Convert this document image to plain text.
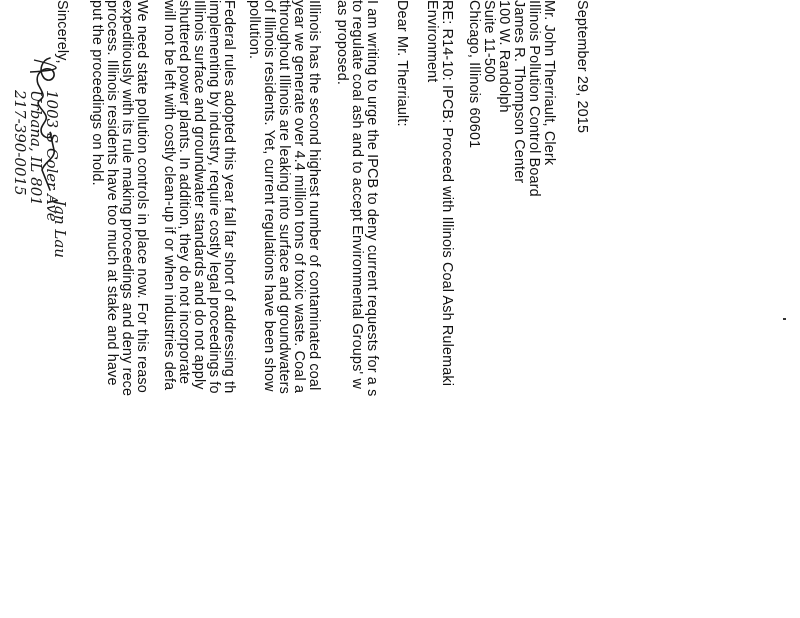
September 29, 2015
Mr. John Therriault, Clerk
Illinois Pollution Control Board
James R. Thompson Center
100 W. Randolph
Suite 11-500
Chicago, Illinois 60601
RE: R14-10: IPCB: Proceed with Illinois Coal Ash Rulemaki
Environment
Dear Mr. Therriault:
I am writing to urge the IPCB to deny current requests for a s
to regulate coal ash and to accept Environmental Groups' w
as proposed.
Illinois has the second highest number of contaminated coal
year we generate over 4.4 million tons of toxic waste. Coal a
throughout Illinois are leaking into surface and groundwaters
of Illinois residents. Yet, current regulations have been show
pollution.
Federal rules adopted this year fall far short of addressing th
implementing by industry, require costly legal proceedings fo
Illinois surface and groundwater standards and do not apply
shuttered power plants. In addition, they do not incorporate
will not be left with costly clean-up if or when industries defa
We need state pollution controls in place now. For this reaso
expeditiously with its rule making proceedings and deny rece
process. Illinois residents have too much at stake and have
put the proceedings on hold.
Sincerely,
Jan Lau
1003 S Coler Ave
Urbana, IL 801
217-390-0015
